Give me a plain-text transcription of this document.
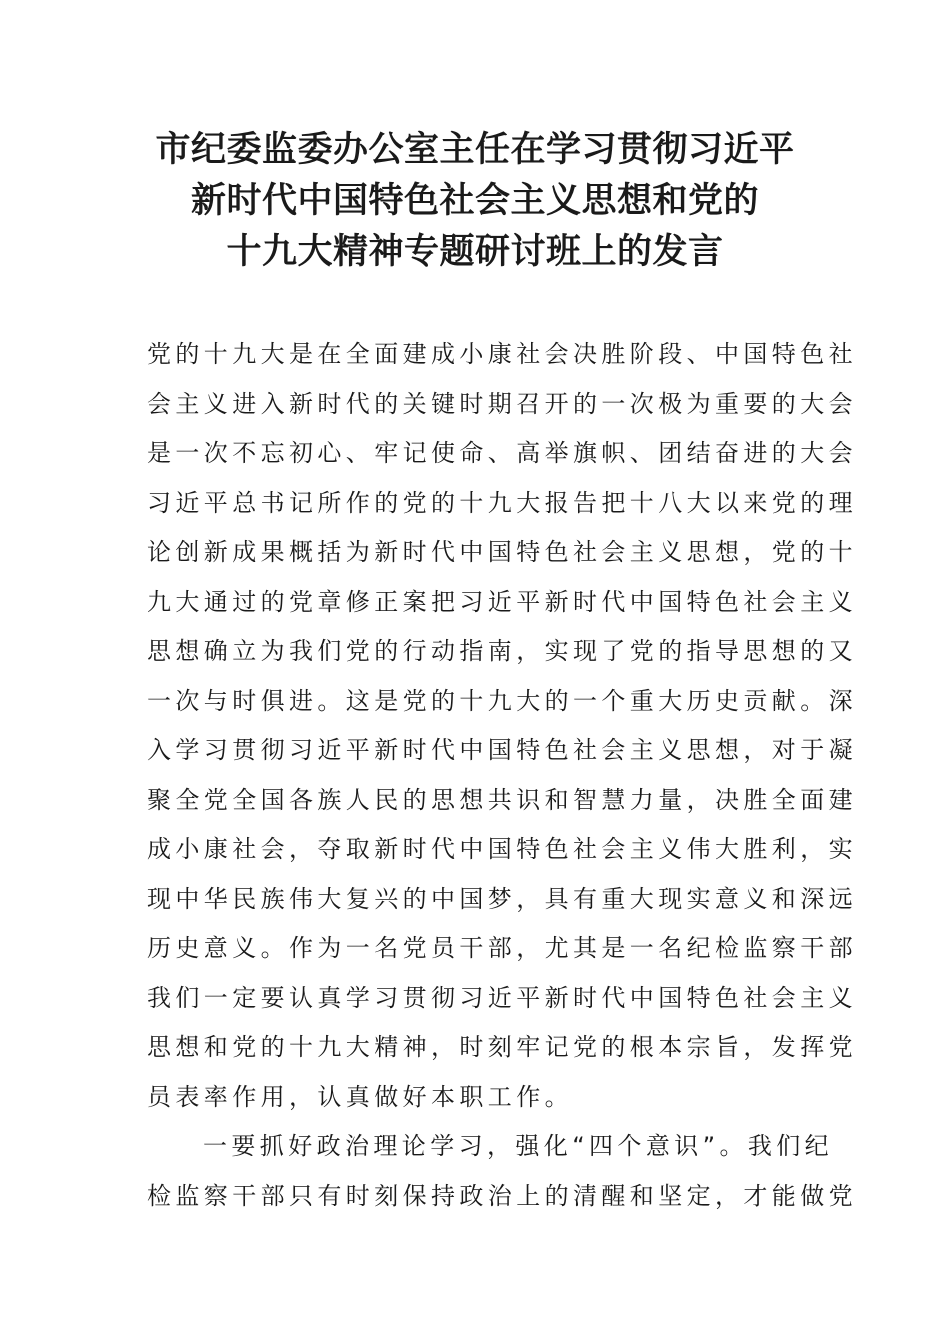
市纪委监委办公室主任在学习贯彻习近平
新时代中国特色社会主义思想和党的
十九大精神专题研讨班上的发言
党的十九大是在全面建成小康社会决胜阶段、中国特色社
会主义进入新时代的关键时期召开的一次极为重要的大会
是一次不忘初心、牢记使命、高举旗帜、团结奋进的大会
习近平总书记所作的党的十九大报告把十八大以来党的理
论创新成果概括为新时代中国特色社会主义思想，党的十
九大通过的党章修正案把习近平新时代中国特色社会主义
思想确立为我们党的行动指南，实现了党的指导思想的又
一次与时俱进。这是党的十九大的一个重大历史贡献。深
入学习贯彻习近平新时代中国特色社会主义思想，对于凝
聚全党全国各族人民的思想共识和智慧力量，决胜全面建
成小康社会，夺取新时代中国特色社会主义伟大胜利，实
现中华民族伟大复兴的中国梦，具有重大现实意义和深远
历史意义。作为一名党员干部，尤其是一名纪检监察干部
我们一定要认真学习贯彻习近平新时代中国特色社会主义
思想和党的十九大精神，时刻牢记党的根本宗旨，发挥党
员表率作用，认真做好本职工作。
一要抓好政治理论学习，强化“四个意识”。我们纪
检监察干部只有时刻保持政治上的清醒和坚定，才能做党
